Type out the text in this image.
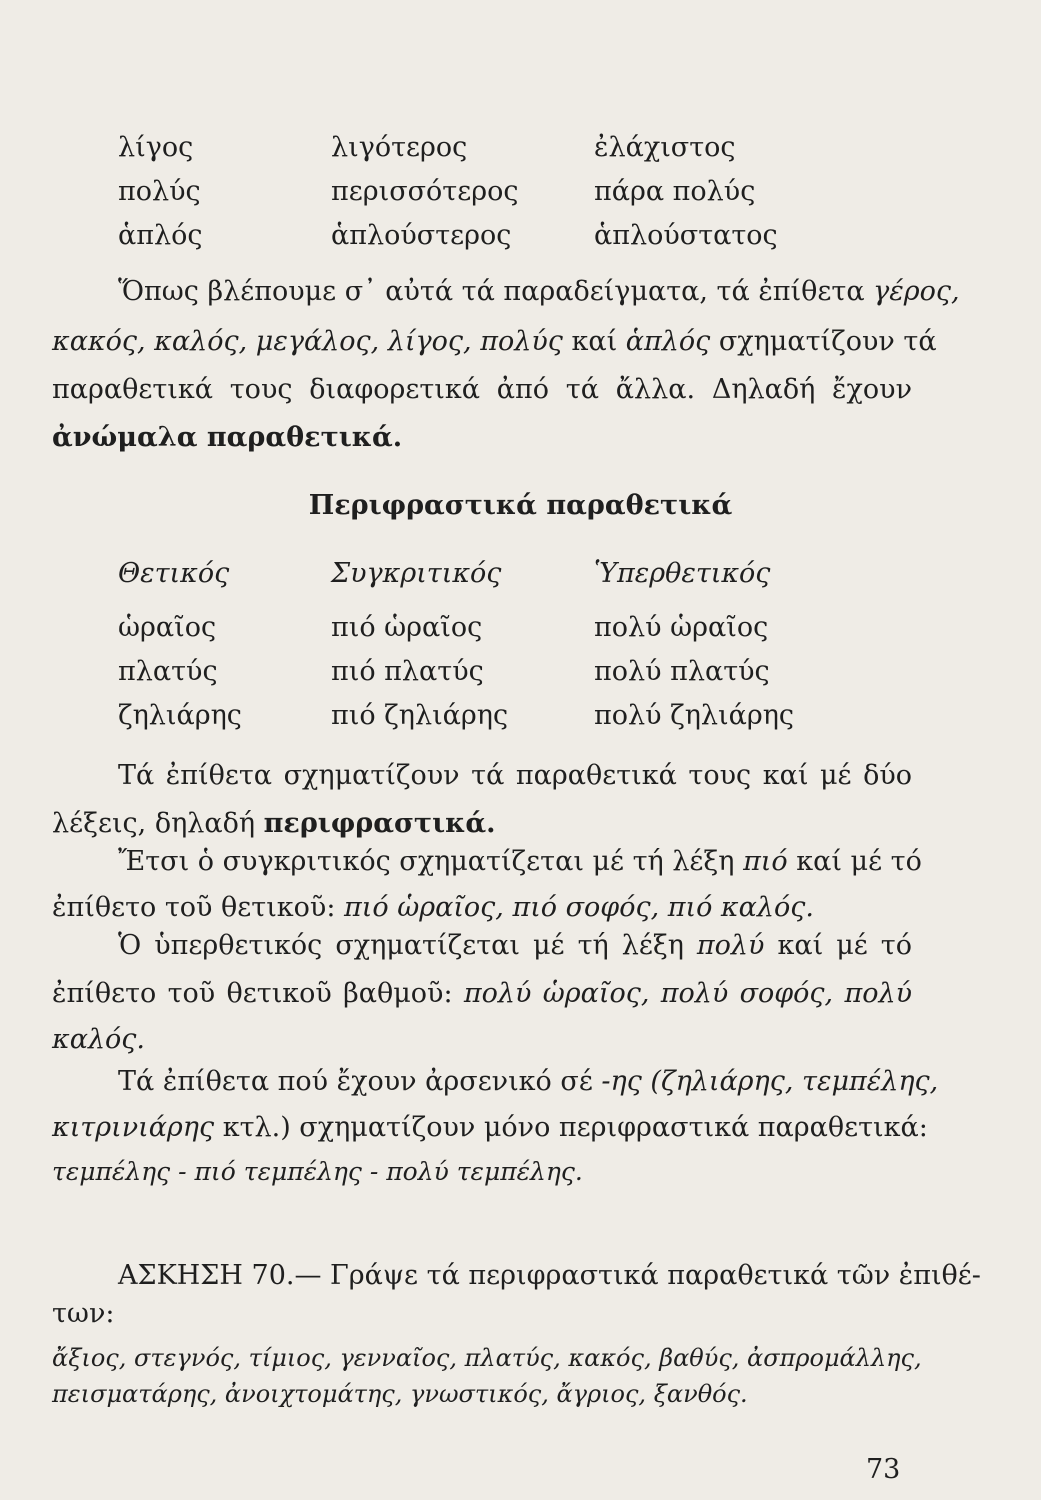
λίγος	λιγότερος	ἐλάχιστος
πολύς	περισσότερος	πάρα πολύς
ἁπλός	ἁπλούστερος	ἁπλούστατος
Ὅπως βλέπουμε σ᾽ αὐτά τά παραδείγματα, τά ἐπίθετα γέρος,
κακός, καλός, μεγάλος, λίγος, πολύς καί ἁπλός σχηματίζουν τά
παραθετικά τους διαφορετικά ἀπό τά ἄλλα. Δηλαδή ἔχουν
ἀνώμαλα παραθετικά.
Περιφραστικά παραθετικά
Θετικός	Συγκριτικός	Ὑπερθετικός
ὡραῖος	πιό ὡραῖος	πολύ ὡραῖος
πλατύς	πιό πλατύς	πολύ πλατύς
ζηλιάρης	πιό ζηλιάρης	πολύ ζηλιάρης
Τά ἐπίθετα σχηματίζουν τά παραθετικά τους καί μέ δύο
λέξεις, δηλαδή περιφραστικά.
Ἔτσι ὁ συγκριτικός σχηματίζεται μέ τή λέξη πιό καί μέ τό
ἐπίθετο τοῦ θετικοῦ: πιό ὡραῖος, πιό σοφός, πιό καλός.
Ὁ ὑπερθετικός σχηματίζεται μέ τή λέξη πολύ καί μέ τό
ἐπίθετο τοῦ θετικοῦ βαθμοῦ: πολύ ὡραῖος, πολύ σοφός, πολύ
καλός.
Τά ἐπίθετα πού ἔχουν ἀρσενικό σέ -ης (ζηλιάρης, τεμπέλης,
κιτρινιάρης κτλ.) σχηματίζουν μόνο περιφραστικά παραθετικά:
τεμπέλης - πιό τεμπέλης - πολύ τεμπέλης.
ΑΣΚΗΣΗ 70.— Γράψε τά περιφραστικά παραθετικά τῶν ἐπιθέ-
των:
ἄξιος, στεγνός, τίμιος, γενναῖος, πλατύς, κακός, βαθύς, ἀσπρομάλλης,
πεισματάρης, ἀνοιχτομάτης, γνωστικός, ἄγριος, ξανθός.
73
